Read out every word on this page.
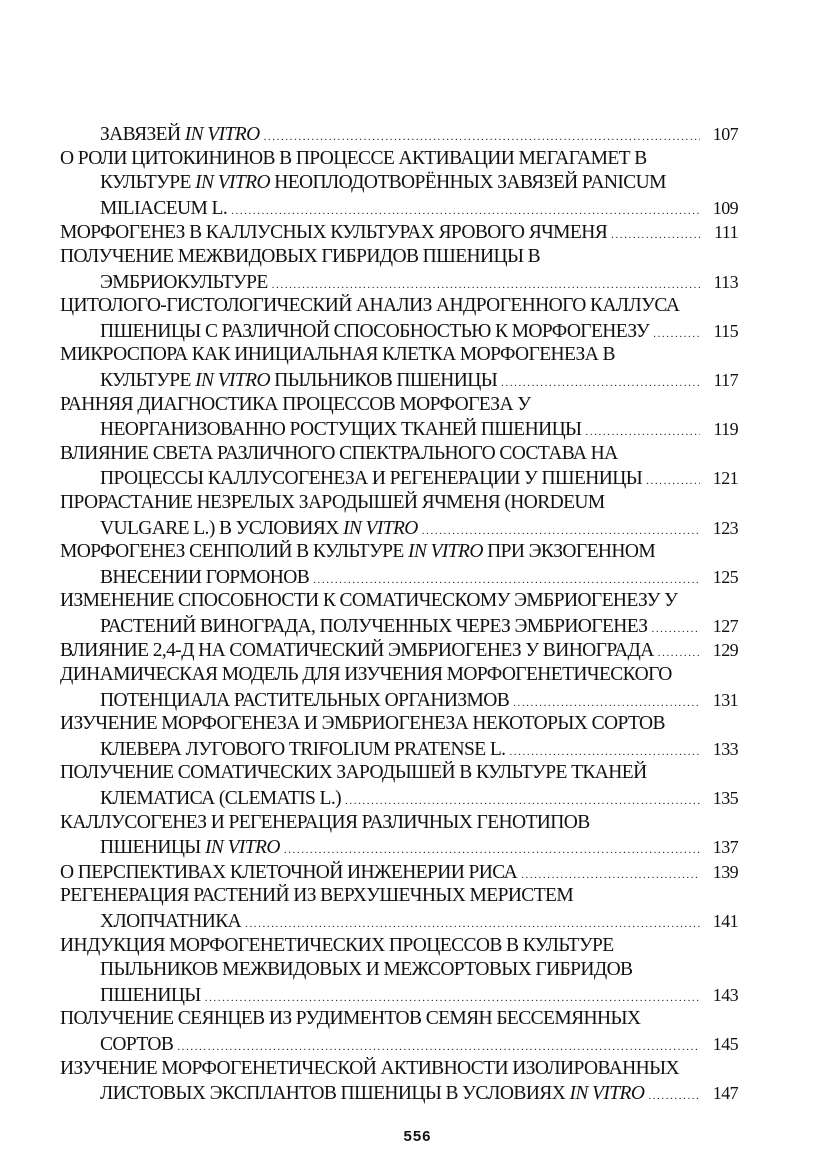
ЗАВЯЗЕЙ IN VITRO .....	107
О РОЛИ ЦИТОКИНИНОВ В ПРОЦЕССЕ АКТИВАЦИИ МЕГАГАМЕТ В
КУЛЬТУРЕ IN VITRO НЕОПЛОДОТВОРЁННЫХ ЗАВЯЗЕЙ PANICUM
MILIACEUM L. .....	109
МОРФОГЕНЕЗ В КАЛЛУСНЫХ КУЛЬТУРАХ ЯРОВОГО ЯЧМЕНЯ .....	111
ПОЛУЧЕНИЕ МЕЖВИДОВЫХ ГИБРИДОВ ПШЕНИЦЫ В
ЭМБРИОКУЛЬТУРЕ .....	113
ЦИТОЛОГО-ГИСТОЛОГИЧЕСКИЙ АНАЛИЗ АНДРОГЕННОГО КАЛЛУСА
ПШЕНИЦЫ С РАЗЛИЧНОЙ СПОСОБНОСТЬЮ К МОРФОГЕНЕЗУ .....	115
МИКРОСПОРА КАК ИНИЦИАЛЬНАЯ КЛЕТКА МОРФОГЕНЕЗА В
КУЛЬТУРЕ IN VITRO ПЫЛЬНИКОВ ПШЕНИЦЫ .....	117
РАННЯЯ ДИАГНОСТИКА ПРОЦЕССОВ МОРФОГЕЗА У
НЕОРГАНИЗОВАННО РОСТУЩИХ ТКАНЕЙ ПШЕНИЦЫ .....	119
ВЛИЯНИЕ СВЕТА РАЗЛИЧНОГО СПЕКТРАЛЬНОГО СОСТАВА НА
ПРОЦЕССЫ КАЛЛУСОГЕНЕЗА И РЕГЕНЕРАЦИИ У ПШЕНИЦЫ .....	121
ПРОРАСТАНИЕ НЕЗРЕЛЫХ ЗАРОДЫШЕЙ ЯЧМЕНЯ (HORDEUM
VULGARE L.) В УСЛОВИЯХ IN VITRO .....	123
МОРФОГЕНЕЗ СЕНПОЛИЙ В КУЛЬТУРЕ IN VITRO ПРИ ЭКЗОГЕННОМ
ВНЕСЕНИИ ГОРМОНОВ .....	125
ИЗМЕНЕНИЕ СПОСОБНОСТИ К СОМАТИЧЕСКОМУ ЭМБРИОГЕНЕЗУ У
РАСТЕНИЙ ВИНОГРАДА, ПОЛУЧЕННЫХ ЧЕРЕЗ ЭМБРИОГЕНЕЗ .....	127
ВЛИЯНИЕ 2,4-Д НА СОМАТИЧЕСКИЙ ЭМБРИОГЕНЕЗ У ВИНОГРАДА .....	129
ДИНАМИЧЕСКАЯ МОДЕЛЬ ДЛЯ ИЗУЧЕНИЯ МОРФОГЕНЕТИЧЕСКОГО
ПОТЕНЦИАЛА РАСТИТЕЛЬНЫХ ОРГАНИЗМОВ .....	131
ИЗУЧЕНИЕ МОРФОГЕНЕЗА И ЭМБРИОГЕНЕЗА НЕКОТОРЫХ СОРТОВ
КЛЕВЕРА ЛУГОВОГО TRIFOLIUM PRATENSE L. .....	133
ПОЛУЧЕНИЕ СОМАТИЧЕСКИХ ЗАРОДЫШЕЙ В КУЛЬТУРЕ ТКАНЕЙ
КЛЕМАТИСА (CLEMATIS L.) .....	135
КАЛЛУСОГЕНЕЗ И РЕГЕНЕРАЦИЯ РАЗЛИЧНЫХ ГЕНОТИПОВ
ПШЕНИЦЫ IN VITRO .....	137
О ПЕРСПЕКТИВАХ КЛЕТОЧНОЙ ИНЖЕНЕРИИ РИСА .....	139
РЕГЕНЕРАЦИЯ РАСТЕНИЙ ИЗ ВЕРХУШЕЧНЫХ МЕРИСТЕМ
ХЛОПЧАТНИКА .....	141
ИНДУКЦИЯ МОРФОГЕНЕТИЧЕСКИХ ПРОЦЕССОВ В КУЛЬТУРЕ
ПЫЛЬНИКОВ МЕЖВИДОВЫХ И МЕЖСОРТОВЫХ ГИБРИДОВ
ПШЕНИЦЫ .....	143
ПОЛУЧЕНИЕ СЕЯНЦЕВ ИЗ РУДИМЕНТОВ СЕМЯН БЕССЕМЯННЫХ
СОРТОВ .....	145
ИЗУЧЕНИЕ МОРФОГЕНЕТИЧЕСКОЙ АКТИВНОСТИ ИЗОЛИРОВАННЫХ
ЛИСТОВЫХ ЭКСПЛАНТОВ ПШЕНИЦЫ В УСЛОВИЯХ IN VITRO .....	147
556
